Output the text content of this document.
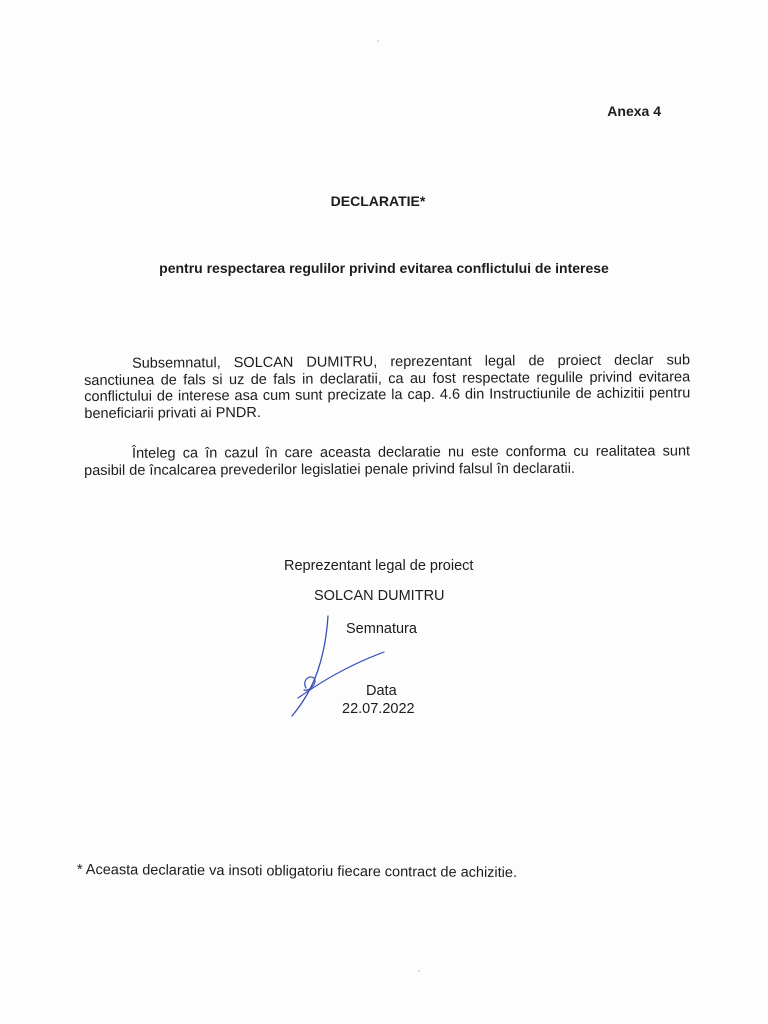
Anexa 4
DECLARATIE*
pentru respectarea regulilor privind evitarea conflictului de interese
Subsemnatul, SOLCAN DUMITRU, reprezentant legal de proiect declar sub sanctiunea de fals si uz de fals in declaratii, ca au fost respectate regulile privind evitarea conflictului de interese asa cum sunt precizate la cap. 4.6 din Instructiunile de achizitii pentru beneficiarii privati ai PNDR.
Înteleg ca în cazul în care aceasta declaratie nu este conforma cu realitatea sunt pasibil de încalcarea prevederilor legislatiei penale privind falsul în declaratii.
Reprezentant legal de proiect
SOLCAN DUMITRU
Semnatura
Data
22.07.2022
* Aceasta declaratie va insoti obligatoriu fiecare contract de achizitie.
